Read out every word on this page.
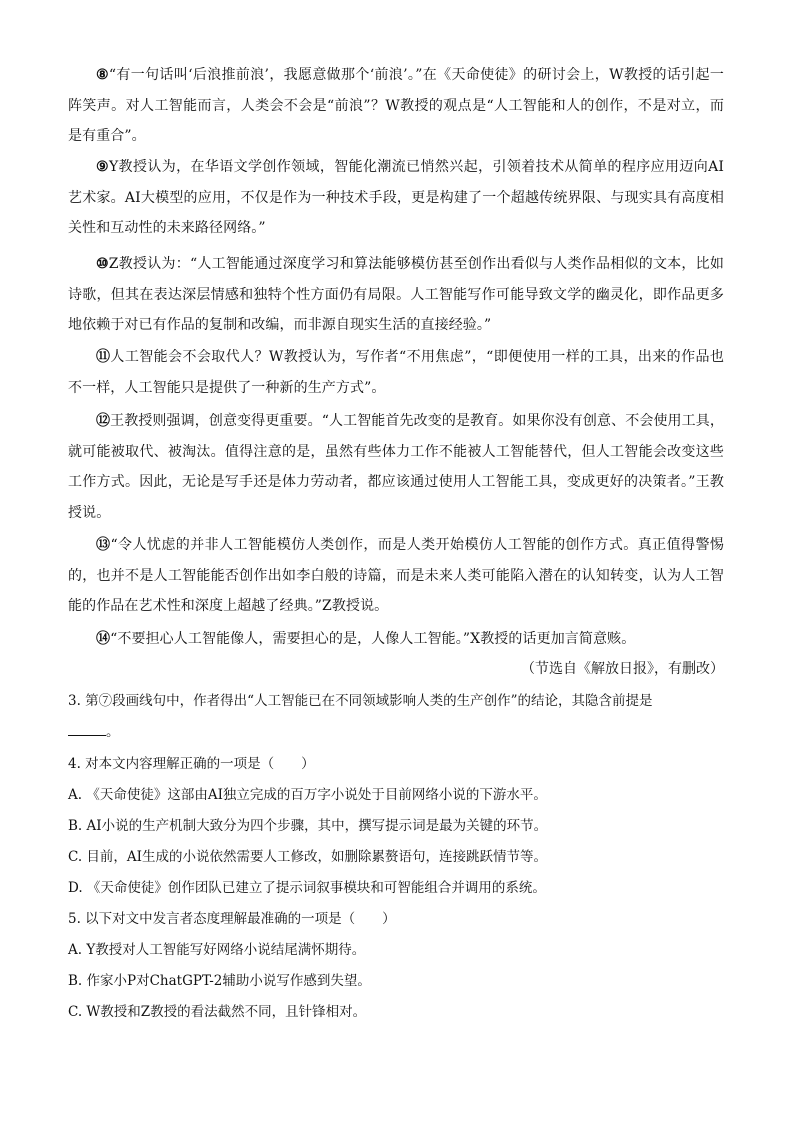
⑧“有一句话叫‘后浪推前浪’，我愿意做那个‘前浪’。”在《天命使徒》的研讨会上，W教授的话引起一阵笑声。对人工智能而言，人类会不会是“前浪”？W教授的观点是“人工智能和人的创作，不是对立，而是有重合”。

⑨Y教授认为，在华语文学创作领域，智能化潮流已悄然兴起，引领着技术从简单的程序应用迈向AI艺术家。AI大模型的应用，不仅是作为一种技术手段，更是构建了一个超越传统界限、与现实具有高度相关性和互动性的未来路径网络。”

⑩Z教授认为：“人工智能通过深度学习和算法能够模仿甚至创作出看似与人类作品相似的文本，比如诗歌，但其在表达深层情感和独特个性方面仍有局限。人工智能写作可能导致文学的幽灵化，即作品更多地依赖于对已有作品的复制和改编，而非源自现实生活的直接经验。”

⑪人工智能会不会取代人？W教授认为，写作者“不用焦虑”，“即便使用一样的工具，出来的作品也不一样，人工智能只是提供了一种新的生产方式”。

⑫王教授则强调，创意变得更重要。“人工智能首先改变的是教育。如果你没有创意、不会使用工具，就可能被取代、被淘汰。值得注意的是，虽然有些体力工作不能被人工智能替代，但人工智能会改变这些工作方式。因此，无论是写手还是体力劳动者，都应该通过使用人工智能工具，变成更好的决策者。”王教授说。

⑬“令人忧虑的并非人工智能模仿人类创作，而是人类开始模仿人工智能的创作方式。真正值得警惕的，也并不是人工智能能否创作出如李白般的诗篇，而是未来人类可能陷入潜在的认知转变，认为人工智能的作品在艺术性和深度上超越了经典。”Z教授说。

⑭“不要担心人工智能像人，需要担心的是，人像人工智能。”X教授的话更加言简意赅。

（节选自《解放日报》，有删改）

3. 第⑦段画线句中，作者得出“人工智能已在不同领域影响人类的生产创作”的结论，其隐含前提是
。

4. 对本文内容理解正确的一项是（　　）

A. 《天命使徒》这部由AI独立完成的百万字小说处于目前网络小说的下游水平。

B. AI小说的生产机制大致分为四个步骤，其中，撰写提示词是最为关键的环节。

C. 目前，AI生成的小说依然需要人工修改，如删除累赘语句，连接跳跃情节等。

D. 《天命使徒》创作团队已建立了提示词叙事模块和可智能组合并调用的系统。

5. 以下对文中发言者态度理解最准确的一项是（　　）

A. Y教授对人工智能写好网络小说结尾满怀期待。

B. 作家小P对ChatGPT-2辅助小说写作感到失望。

C. W教授和Z教授的看法截然不同，且针锋相对。
